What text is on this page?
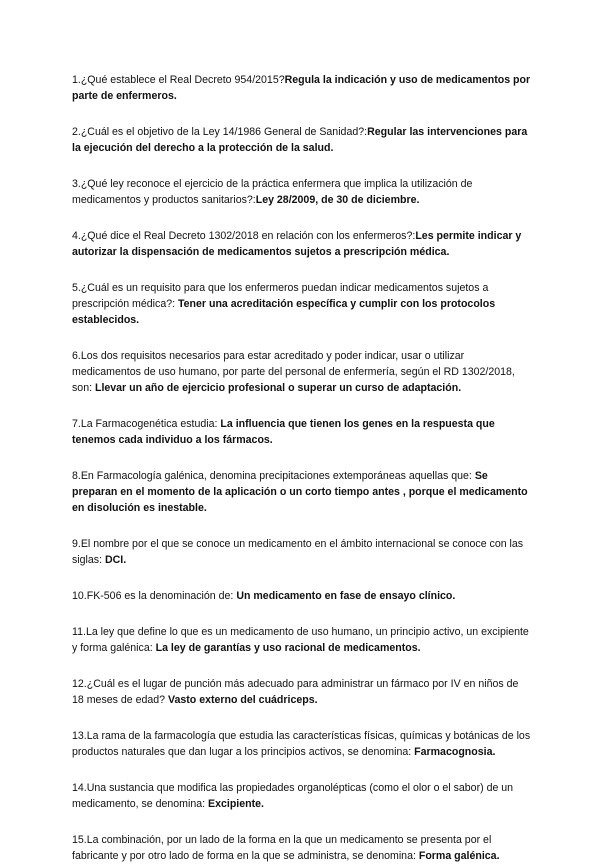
1.¿Qué establece el Real Decreto 954/2015?Regula la indicación y uso de medicamentos por parte de enfermeros.
2.¿Cuál es el objetivo de la Ley 14/1986 General de Sanidad?:Regular las intervenciones para la ejecución del derecho a la protección de la salud.
3.¿Qué ley reconoce el ejercicio de la práctica enfermera que implica la utilización de medicamentos y productos sanitarios?:Ley 28/2009, de 30 de diciembre.
4.¿Qué dice el Real Decreto 1302/2018 en relación con los enfermeros?:Les permite indicar y autorizar la dispensación de medicamentos sujetos a prescripción médica.
5.¿Cuál es un requisito para que los enfermeros puedan indicar medicamentos sujetos a prescripción médica?: Tener una acreditación específica y cumplir con los protocolos establecidos.
6.Los dos requisitos necesarios para estar acreditado y poder indicar, usar o utilizar medicamentos de uso humano, por parte del personal de enfermería, según el RD 1302/2018, son: Llevar un año de ejercicio profesional o superar un curso de adaptación.
7.La Farmacogenética estudia: La influencia que tienen los genes en la respuesta que tenemos cada individuo a los fármacos.
8.En Farmacología galénica, denomina precipitaciones extemporáneas aquellas que: Se preparan en el momento de la aplicación o un corto tiempo antes , porque el medicamento en disolución es inestable.
9.El nombre por el que se conoce un medicamento en el ámbito internacional se conoce con las siglas: DCI.
10.FK-506 es la denominación de: Un medicamento en fase de ensayo clínico.
11.La ley que define lo que es un medicamento de uso humano, un principio activo, un excipiente y forma galénica: La ley de garantías y uso racional de medicamentos.
12.¿Cuál es el lugar de punción más adecuado para administrar un fármaco por IV en niños de 18 meses de edad? Vasto externo del cuádriceps.
13.La rama de la farmacología que estudia las características físicas, químicas y botánicas de los productos naturales que dan lugar a los principios activos, se denomina: Farmacognosia.
14.Una sustancia que modifica las propiedades organolépticas (como el olor o el sabor) de un medicamento, se denomina: Excipiente.
15.La combinación, por un lado de la forma en la que un medicamento se presenta por el fabricante y por otro lado de forma en la que se administra, se denomina: Forma galénica.
